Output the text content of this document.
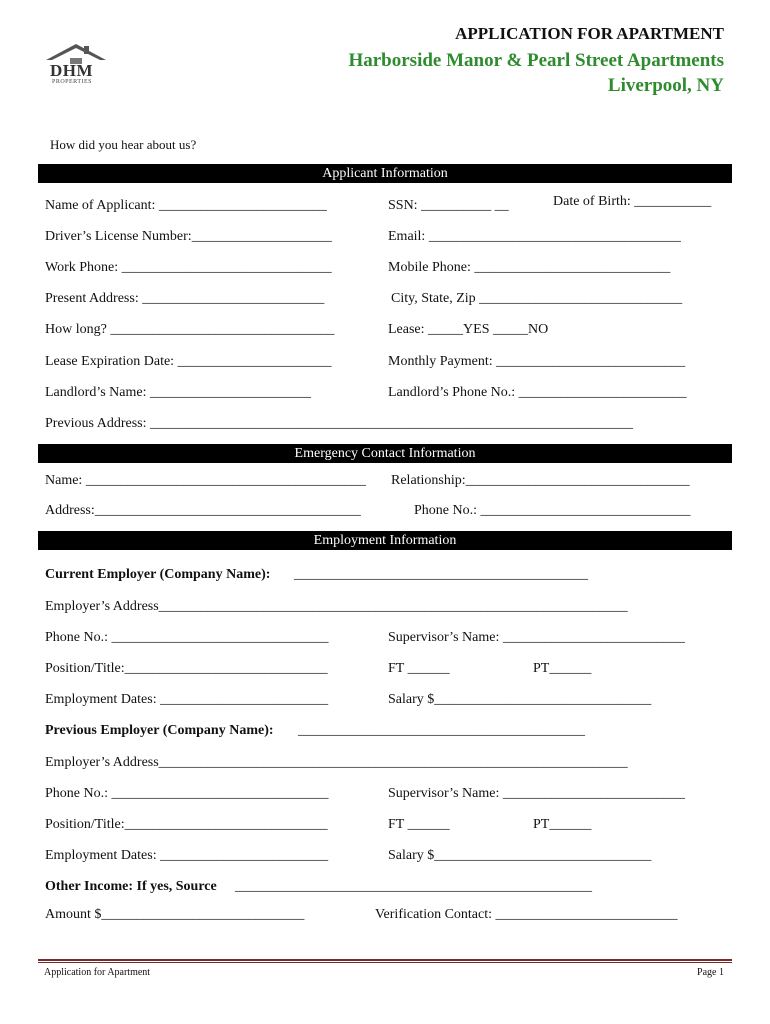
DHM
PROPERTIES
APPLICATION FOR APARTMENT
Harborside Manor & Pearl Street Apartments
Liverpool, NY
How did you hear about us?
Applicant Information
Name of Applicant: ________________________	SSN: __________ __	Date of Birth: ___________
Driver’s License Number:____________________	Email: ____________________________________
Work Phone: ______________________________	Mobile Phone: ____________________________
Present Address: __________________________	City, State, Zip _____________________________
How long? ________________________________	Lease: _____YES _____NO
Lease Expiration Date: ______________________	Monthly Payment: ___________________________
Landlord’s Name: _______________________	Landlord’s Phone No.: ________________________
Previous Address: _____________________________________________________________________
Emergency Contact Information
Name: ________________________________________ Relationship:________________________________
Address:______________________________________	Phone No.: ______________________________
Employment Information
Current Employer (Company Name): __________________________________________
Employer’s Address___________________________________________________________________
Phone No.: _______________________________	Supervisor’s Name: __________________________
Position/Title:_____________________________	FT ______	PT______
Employment Dates: ________________________	Salary $_______________________________
Previous Employer (Company Name): _________________________________________
Employer’s Address___________________________________________________________________
Phone No.: _______________________________	Supervisor’s Name: __________________________
Position/Title:_____________________________	FT ______	PT______
Employment Dates: ________________________	Salary $_______________________________
Other Income: If yes, Source ___________________________________________________
Amount $_____________________________	Verification Contact: __________________________
Application for Apartment	Page 1
